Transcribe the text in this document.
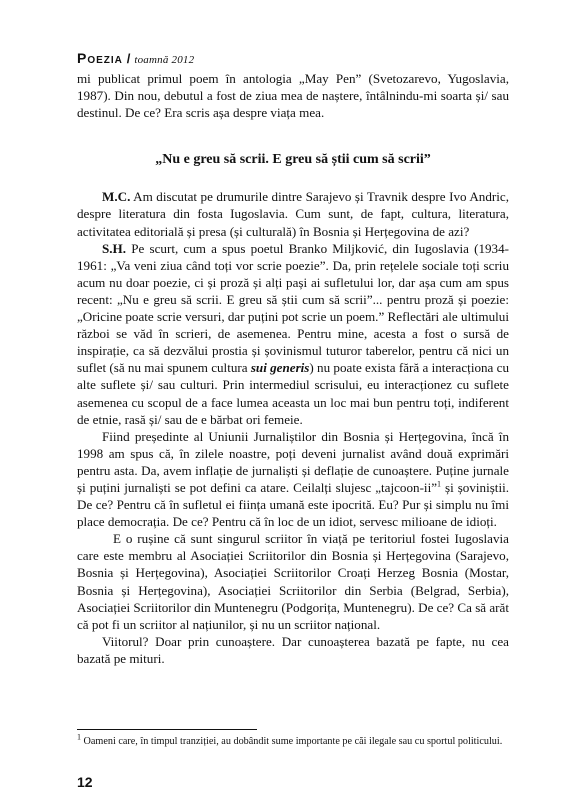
Poezia / toamnă 2012

mi publicat primul poem în antologia „May Pen” (Svetozarevo, Yugoslavia, 1987). Din nou, debutul a fost de ziua mea de naștere, întâlnindu-mi soarta și/ sau destinul. De ce? Era scris așa despre viața mea.

„Nu e greu să scrii. E greu să știi cum să scrii”

M.C. Am discutat pe drumurile dintre Sarajevo și Travnik despre Ivo Andric, despre literatura din fosta Iugoslavia. Cum sunt, de fapt, cultura, literatura, activitatea editorială și presa (și culturală) în Bosnia și Herțegovina de azi?

S.H. Pe scurt, cum a spus poetul Branko Miljković, din Iugoslavia (1934-1961: „Va veni ziua când toți vor scrie poezie”. Da, prin rețelele sociale toți scriu acum nu doar poezie, ci și proză și alți pași ai sufletului lor, dar așa cum am spus recent: „Nu e greu să scrii. E greu să știi cum să scrii”... pentru proză și poezie: „Oricine poate scrie versuri, dar puțini pot scrie un poem.” Reflectări ale ultimului război se văd în scrieri, de asemenea. Pentru mine, acesta a fost o sursă de inspirație, ca să dezvălui prostia și șovinismul tuturor taberelor, pentru că nici un suflet (să nu mai spunem cultura sui generis) nu poate exista fără a interacționa cu alte suflete și/ sau culturi. Prin intermediul scrisului, eu interacționez cu suflete asemenea cu scopul de a face lumea aceasta un loc mai bun pentru toți, indiferent de etnie, rasă și/ sau de e bărbat ori femeie.

Fiind președinte al Uniunii Jurnaliștilor din Bosnia și Herțegovina, încă în 1998 am spus că, în zilele noastre, poți deveni jurnalist având două exprimări pentru asta. Da, avem inflație de jurnaliști și deflație de cunoaștere. Puține jurnale și puțini jurnaliști se pot defini ca atare. Ceilalți slujesc „tajcoon-ii”$^1$ și șoviniștii. De ce? Pentru că în sufletul ei ființa umană este ipocrită. Eu? Pur și simplu nu îmi place democrația. De ce? Pentru că în loc de un idiot, servesc milioane de idioți.

E o rușine că sunt singurul scriitor în viață pe teritoriul fostei Iugoslavia care este membru al Asociației Scriitorilor din Bosnia și Herțegovina (Sarajevo, Bosnia și Herțegovina), Asociației Scriitorilor Croați Herzeg Bosnia (Mostar, Bosnia și Herțegovina), Asociației Scriitorilor din Serbia (Belgrad, Serbia), Asociației Scriitorilor din Muntenegru (Podgorița, Muntenegru). De ce? Ca să arăt că pot fi un scriitor al națiunilor, și nu un scriitor național.

Viitorul? Doar prin cunoaștere. Dar cunoașterea bazată pe fapte, nu cea bazată pe mituri.

$^1$ Oameni care, în timpul tranziției, au dobândit sume importante pe căi ilegale sau cu sportul politicului.
12
